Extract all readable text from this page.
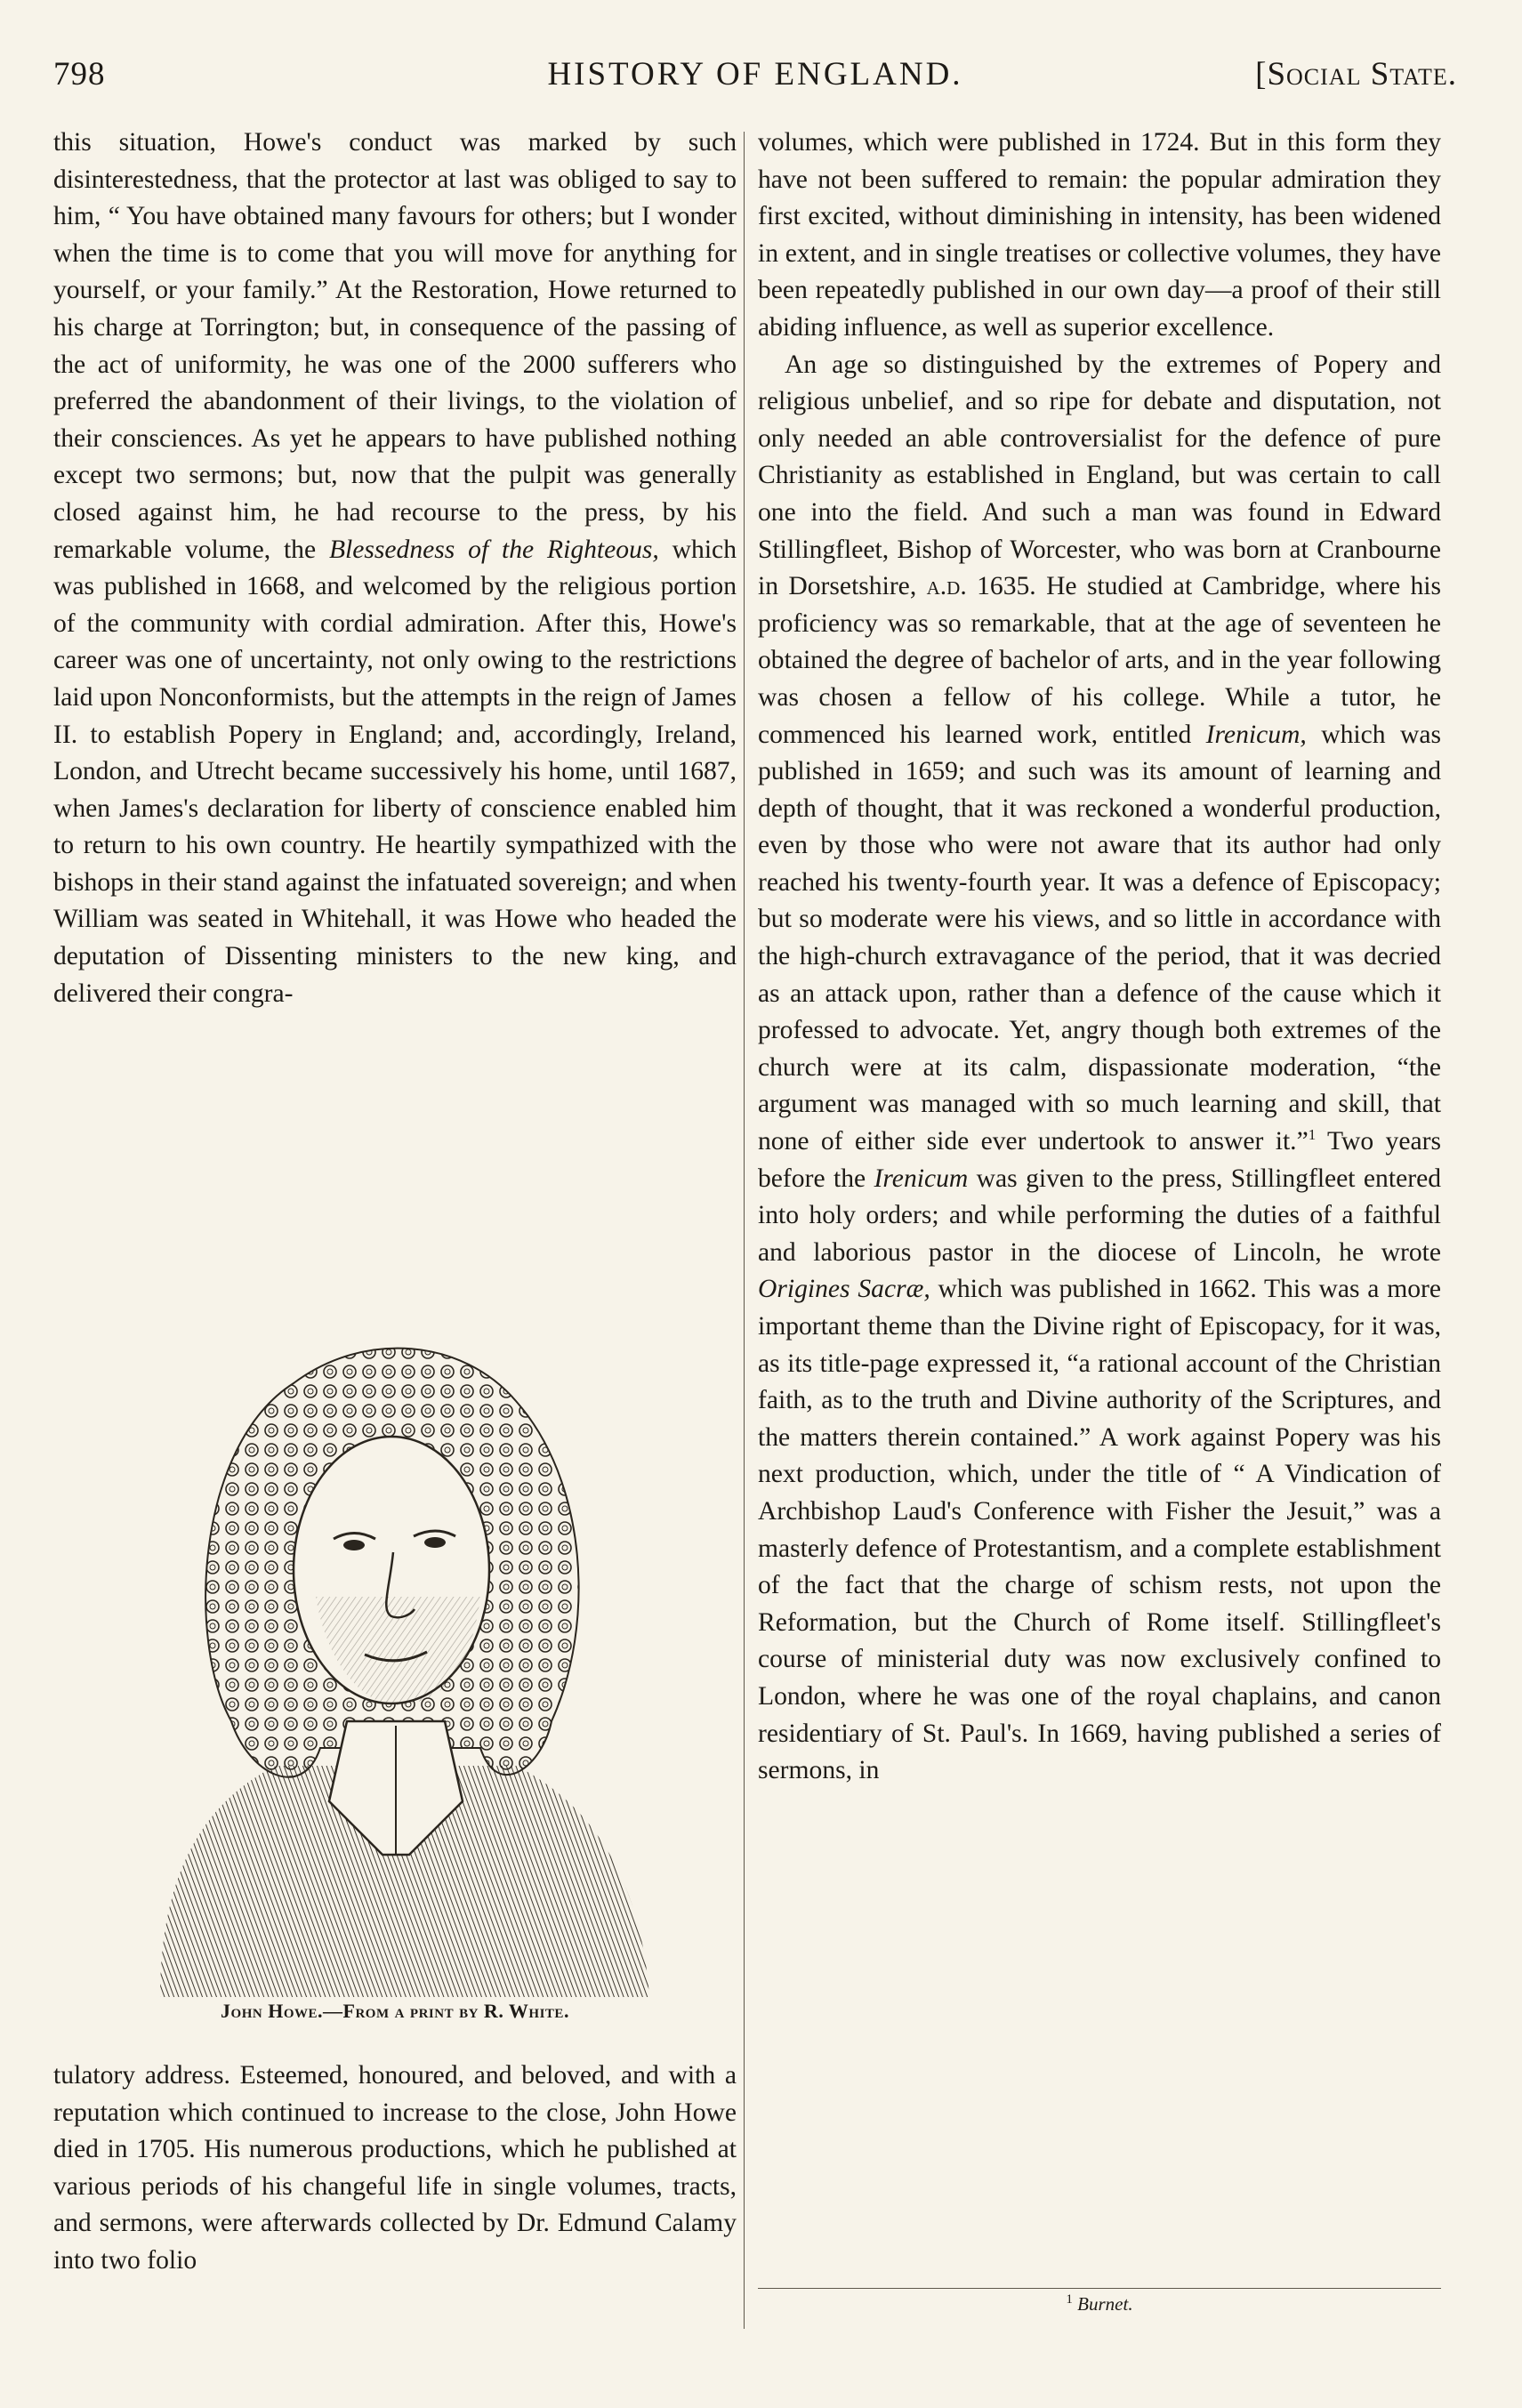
798	HISTORY OF ENGLAND.	[Social State.

this situation, Howe's conduct was marked by such disinterestedness, that the protector at last was obliged to say to him, “ You have obtained many favours for others; but I wonder when the time is to come that you will move for anything for yourself, or your family.” At the Restoration, Howe returned to his charge at Torrington; but, in consequence of the passing of the act of uniformity, he was one of the 2000 sufferers who preferred the abandonment of their livings, to the violation of their consciences. As yet he appears to have published nothing except two sermons; but, now that the pulpit was generally closed against him, he had recourse to the press, by his remarkable volume, the Blessedness of the Righteous, which was published in 1668, and welcomed by the religious portion of the community with cordial admiration. After this, Howe's career was one of uncertainty, not only owing to the restrictions laid upon Nonconformists, but the attempts in the reign of James II. to establish Popery in England; and, accordingly, Ireland, London, and Utrecht became successively his home, until 1687, when James's declaration for liberty of conscience enabled him to return to his own country. He heartily sympathized with the bishops in their stand against the infatuated sovereign; and when William was seated in Whitehall, it was Howe who headed the deputation of Dissenting ministers to the new king, and delivered their congra-

John Howe.—From a print by R. White.

tulatory address. Esteemed, honoured, and beloved, and with a reputation which continued to increase to the close, John Howe died in 1705. His numerous productions, which he published at various periods of his changeful life in single volumes, tracts, and sermons, were afterwards collected by Dr. Edmund Calamy into two folio

volumes, which were published in 1724. But in this form they have not been suffered to remain: the popular admiration they first excited, without diminishing in intensity, has been widened in extent, and in single treatises or collective volumes, they have been repeatedly published in our own day—a proof of their still abiding influence, as well as superior excellence.

An age so distinguished by the extremes of Popery and religious unbelief, and so ripe for debate and disputation, not only needed an able controversialist for the defence of pure Christianity as established in England, but was certain to call one into the field. And such a man was found in Edward Stillingfleet, Bishop of Worcester, who was born at Cranbourne in Dorsetshire, a.d. 1635. He studied at Cambridge, where his proficiency was so remarkable, that at the age of seventeen he obtained the degree of bachelor of arts, and in the year following was chosen a fellow of his college. While a tutor, he commenced his learned work, entitled Irenicum, which was published in 1659; and such was its amount of learning and depth of thought, that it was reckoned a wonderful production, even by those who were not aware that its author had only reached his twenty-fourth year. It was a defence of Episcopacy; but so moderate were his views, and so little in accordance with the high-church extravagance of the period, that it was decried as an attack upon, rather than a defence of the cause which it professed to advocate. Yet, angry though both extremes of the church were at its calm, dispassionate moderation, “the argument was managed with so much learning and skill, that none of either side ever undertook to answer it.”$^1$ Two years before the Irenicum was given to the press, Stillingfleet entered into holy orders; and while performing the duties of a faithful and laborious pastor in the diocese of Lincoln, he wrote Origines Sacræ, which was published in 1662. This was a more important theme than the Divine right of Episcopacy, for it was, as its title-page expressed it, “a rational account of the Christian faith, as to the truth and Divine authority of the Scriptures, and the matters therein contained.” A work against Popery was his next production, which, under the title of “ A Vindication of Archbishop Laud's Conference with Fisher the Jesuit,” was a masterly defence of Protestantism, and a complete establishment of the fact that the charge of schism rests, not upon the Reformation, but the Church of Rome itself. Stillingfleet's course of ministerial duty was now exclusively confined to London, where he was one of the royal chaplains, and canon residentiary of St. Paul's. In 1669, having published a series of sermons, in

$^1$ Burnet.
